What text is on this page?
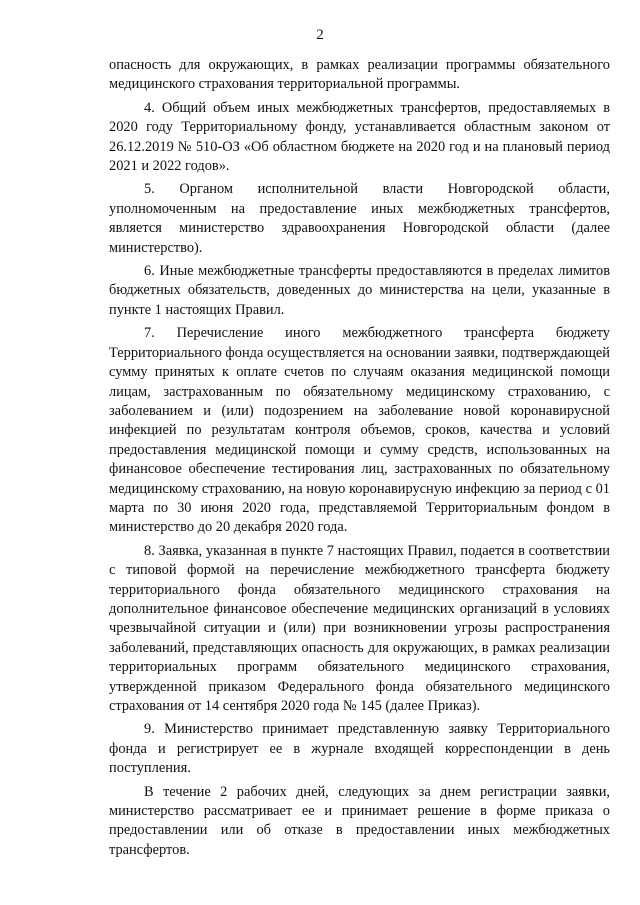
2

опасность для окружающих, в рамках реализации программы обязательного медицинского страхования территориальной программы.

4. Общий объем иных межбюджетных трансфертов, предоставляемых в 2020 году Территориальному фонду, устанавливается областным законом от 26.12.2019 № 510-ОЗ «Об областном бюджете на 2020 год и на плановый период 2021 и 2022 годов».

5. Органом исполнительной власти Новгородской области, уполномоченным на предоставление иных межбюджетных трансфертов, является министерство здравоохранения Новгородской области (далее министерство).

6. Иные межбюджетные трансферты предоставляются в пределах лимитов бюджетных обязательств, доведенных до министерства на цели, указанные в пункте 1 настоящих Правил.

7. Перечисление иного межбюджетного трансферта бюджету Территориального фонда осуществляется на основании заявки, подтверждающей сумму принятых к оплате счетов по случаям оказания медицинской помощи лицам, застрахованным по обязательному медицинскому страхованию, с заболеванием и (или) подозрением на заболевание новой коронавирусной инфекцией по результатам контроля объемов, сроков, качества и условий предоставления медицинской помощи и сумму средств, использованных на финансовое обеспечение тестирования лиц, застрахованных по обязательному медицинскому страхованию, на новую коронавирусную инфекцию за период с 01 марта по 30 июня 2020 года, представляемой Территориальным фондом в министерство до 20 декабря 2020 года.

8. Заявка, указанная в пункте 7 настоящих Правил, подается в соответствии с типовой формой на перечисление межбюджетного трансферта бюджету территориального фонда обязательного медицинского страхования на дополнительное финансовое обеспечение медицинских организаций в условиях чрезвычайной ситуации и (или) при возникновении угрозы распространения заболеваний, представляющих опасность для окружающих, в рамках реализации территориальных программ обязательного медицинского страхования, утвержденной приказом Федерального фонда обязательного медицинского страхования от 14 сентября 2020 года № 145 (далее Приказ).

9. Министерство принимает представленную заявку Территориального фонда и регистрирует ее в журнале входящей корреспонденции в день поступления.

В течение 2 рабочих дней, следующих за днем регистрации заявки, министерство рассматривает ее и принимает решение в форме приказа о предоставлении или об отказе в предоставлении иных межбюджетных трансфертов.
